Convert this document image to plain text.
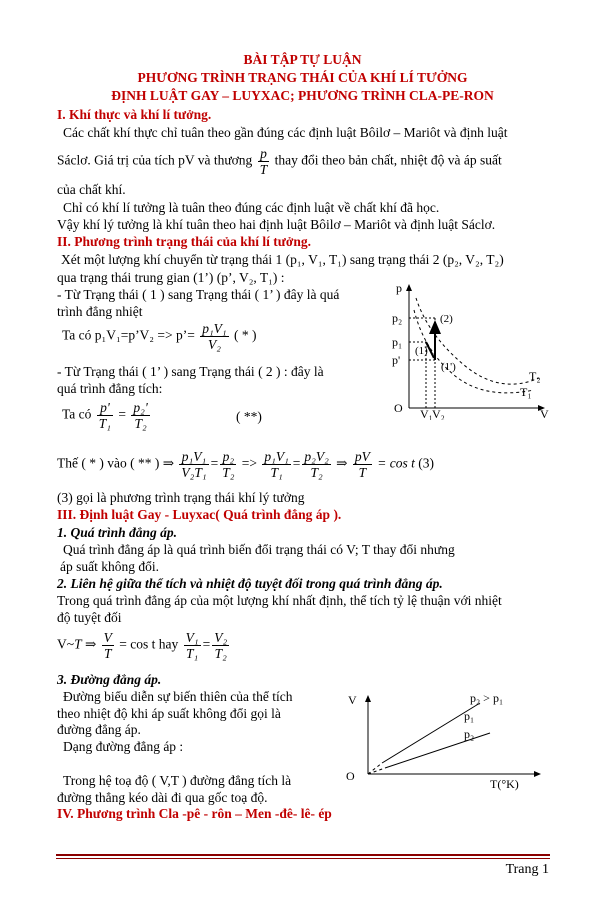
BÀI TẬP TỰ LUẬN
PHƯƠNG TRÌNH TRẠNG THÁI CỦA KHÍ LÍ TƯỞNG
ĐỊNH LUẬT GAY – LUYXAC; PHƯƠNG TRÌNH CLA-PE-RON
I. Khí thực và khí lí tưởng.
Các chất khí thực chỉ tuân theo gần đúng các định luật Bôilơ – Mariôt và định luật
Sáclơ. Giá trị của tích pV và thương $\frac{p}{T}$ thay đổi theo bản chất, nhiệt độ và áp suất
của chất khí.
Chỉ có khí lí tưởng là tuân theo đúng các định luật về chất khí đã học.
Vậy khí lý tưởng là khí tuân theo hai định luật Bôilơ – Mariôt và định luật Sáclơ.
II. Phương trình trạng thái của khí lí tưởng.
Xét một lượng khí chuyển từ trạng thái 1 (p₁, V₁, T₁) sang trạng thái 2 (p₂, V₂, T₂)
qua trạng thái trung gian (1’) (p’, V₂, T₁) :
- Từ Trạng thái ( 1 ) sang Trạng thái ( 1’ ) đây là quá
trình đẳng nhiệt
Ta có p₁V₁=p’V₂ => p’= $\frac{\text{p₁V₁}}{\text{V₂}}$ ( * )
- Từ Trạng thái ( 1’ ) sang Trạng thái ( 2 ) : đây là
quá trình đẳng tích:
Ta có $\frac{p'}{\text{T₁}} = \frac{\text{p₂'}}{\text{T₂}}$	( **)
Thế ( * ) vào ( ** ) ⇒ $\frac{\text{p₁V₁}}{\text{V₂T₁}} = \frac{\text{p₂}}{\text{T₂}} => \frac{\text{p₁V₁}}{\text{T₁}} = \frac{\text{p₂V₂}}{\text{T₂}}$ ⇒ $\frac{pV}{T} = \cos t$ (3)
(3) gọi là phương trình trạng thái khí lý tưởng
p
p₂
p₁
p'
(2)
(1)
(1')
T₂
T₁
O V₁ V₂	V
III. Định luật Gay - Luyxac( Quá trình đẳng áp ).
1. Quá trình đẳng áp.
Quá trình đẳng áp là quá trình biến đổi trạng thái có V; T thay đổi nhưng
áp suất không đổi.
2. Liên hệ giữa thể tích và nhiệt độ tuyệt đối trong quá trình đẳng áp.
Trong quá trình đẳng áp của một lượng khí nhất định, thể tích tỷ lệ thuận với nhiệt
độ tuyệt đối
V~T ⇒ $\frac{V}{T} = \cos t$ hay $\frac{\text{V₁}}{\text{T₁}} = \frac{\text{V₂}}{\text{T₂}}$
3. Đường đẳng áp.
Đường biểu diễn sự biến thiên của thể tích
theo nhiệt độ khi áp suất không đổi gọi là
đường đẳng áp.
Dạng đường đẳng áp :
Trong hệ toạ độ ( V,T ) đường đẳng tích là
đường thẳng kéo dài đi qua gốc toạ độ.
V	p₂ > p₁
p₁
p₂
O
T(°K)
IV. Phương trình Cla -pê - rôn – Men -đê- lê- ép
Trang 1
